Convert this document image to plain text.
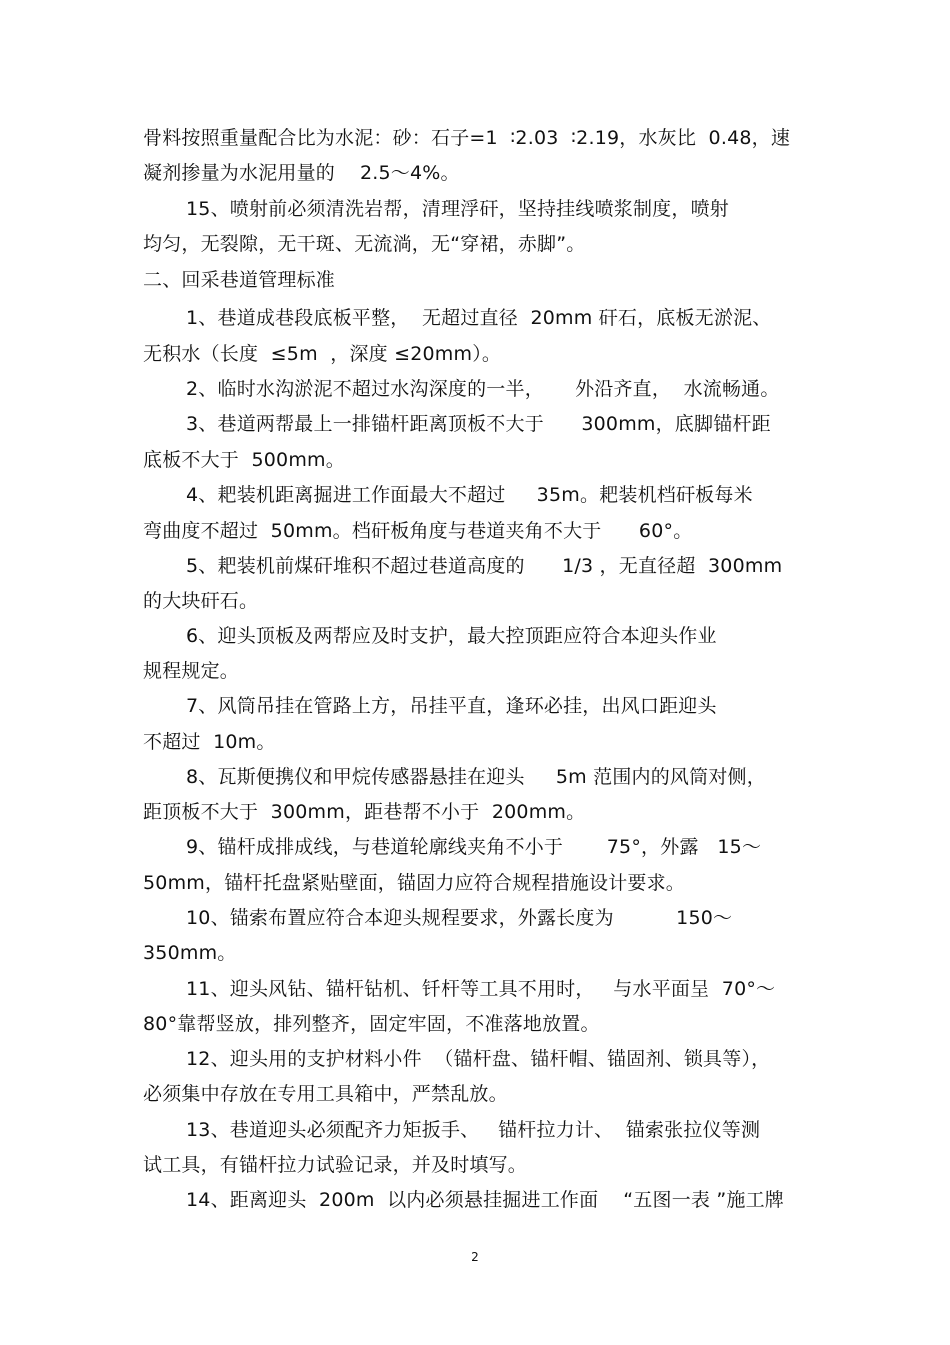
骨料按照重量配合比为水泥：砂：石子=1  ∶2.03  ∶2.19，水灰比  0.48，速
凝剂掺量为水泥用量的    2.5～4%。
15、喷射前必须清洗岩帮，清理浮矸，坚持挂线喷浆制度，喷射
均匀，无裂隙，无干斑、无流淌，无“穿裙，赤脚”。
二、回采巷道管理标准
1、巷道成巷段底板平整，  无超过直径  20mm 矸石，底板无淤泥、
无积水（长度  ≤5m  ，深度 ≤20mm）。
2、临时水沟淤泥不超过水沟深度的一半，     外沿齐直，  水流畅通。
3、巷道两帮最上一排锚杆距离顶板不大于      300mm，底脚锚杆距
底板不大于  500mm。
4、耙装机距离掘进工作面最大不超过     35m。耙装机档矸板每米
弯曲度不超过  50mm。档矸板角度与巷道夹角不大于      60°。
5、耙装机前煤矸堆积不超过巷道高度的      1/3 ，无直径超  300mm
的大块矸石。
6、迎头顶板及两帮应及时支护，最大控顶距应符合本迎头作业
规程规定。
7、风筒吊挂在管路上方，吊挂平直，逢环必挂，出风口距迎头
不超过  10m。
8、瓦斯便携仪和甲烷传感器悬挂在迎头     5m 范围内的风筒对侧，
距顶板不大于  300mm，距巷帮不小于  200mm。
9、锚杆成排成线，与巷道轮廓线夹角不小于       75°，外露   15～
50mm，锚杆托盘紧贴壁面，锚固力应符合规程措施设计要求。
10、锚索布置应符合本迎头规程要求，外露长度为          150～
350mm。
11、迎头风钻、锚杆钻机、钎杆等工具不用时，   与水平面呈  70°～
80°靠帮竖放，排列整齐，固定牢固，不准落地放置。
12、迎头用的支护材料小件  （锚杆盘、锚杆帽、锚固剂、锁具等），
必须集中存放在专用工具箱中，严禁乱放。
13、巷道迎头必须配齐力矩扳手、   锚杆拉力计、  锚索张拉仪等测
试工具，有锚杆拉力试验记录，并及时填写。
14、距离迎头  200m  以内必须悬挂掘进工作面    “五图一表 ”施工牌
2
